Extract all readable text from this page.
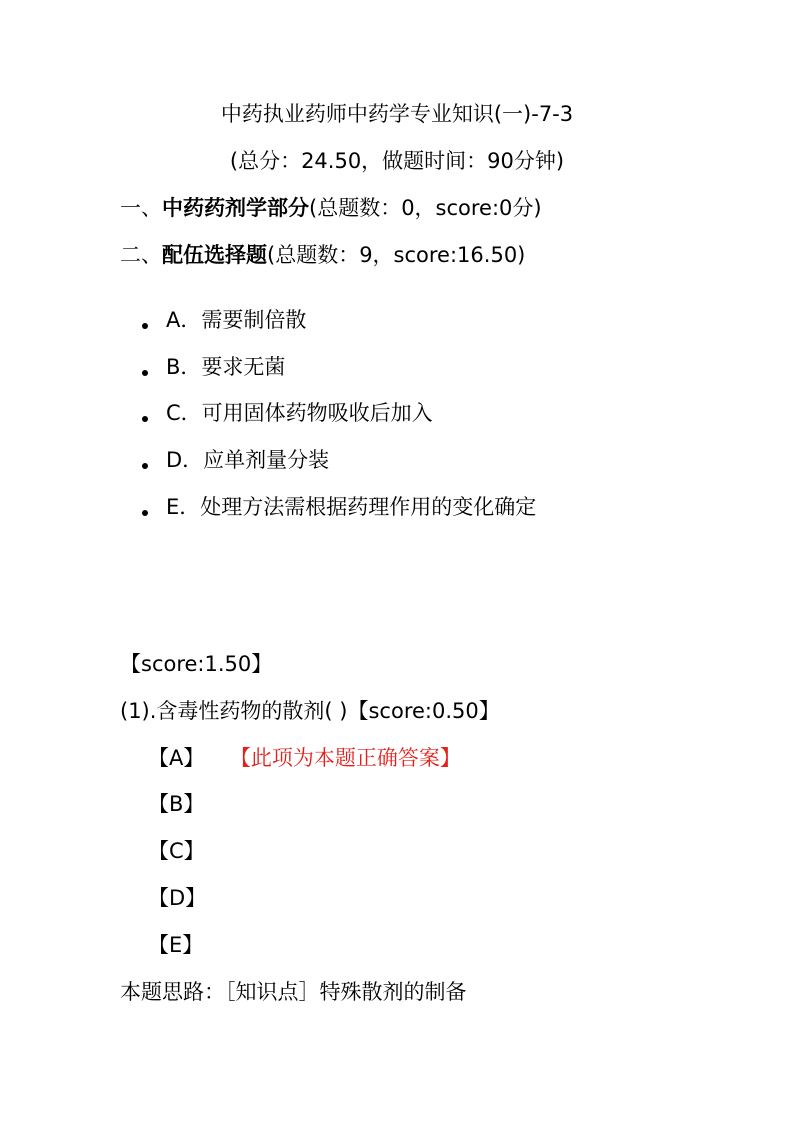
中药执业药师中药学专业知识(一)-7-3
(总分：24.50，做题时间：90分钟)
一、中药药剂学部分(总题数：0，score:0分)
二、配伍选择题(总题数：9，score:16.50)
A．需要制倍散
B．要求无菌
C．可用固体药物吸收后加入
D．应单剂量分装
E．处理方法需根据药理作用的变化确定
【score:1.50】
(1).含毒性药物的散剂( )【score:0.50】
【A】 【此项为本题正确答案】
【B】
【C】
【D】
【E】
本题思路：［知识点］特殊散剂的制备
